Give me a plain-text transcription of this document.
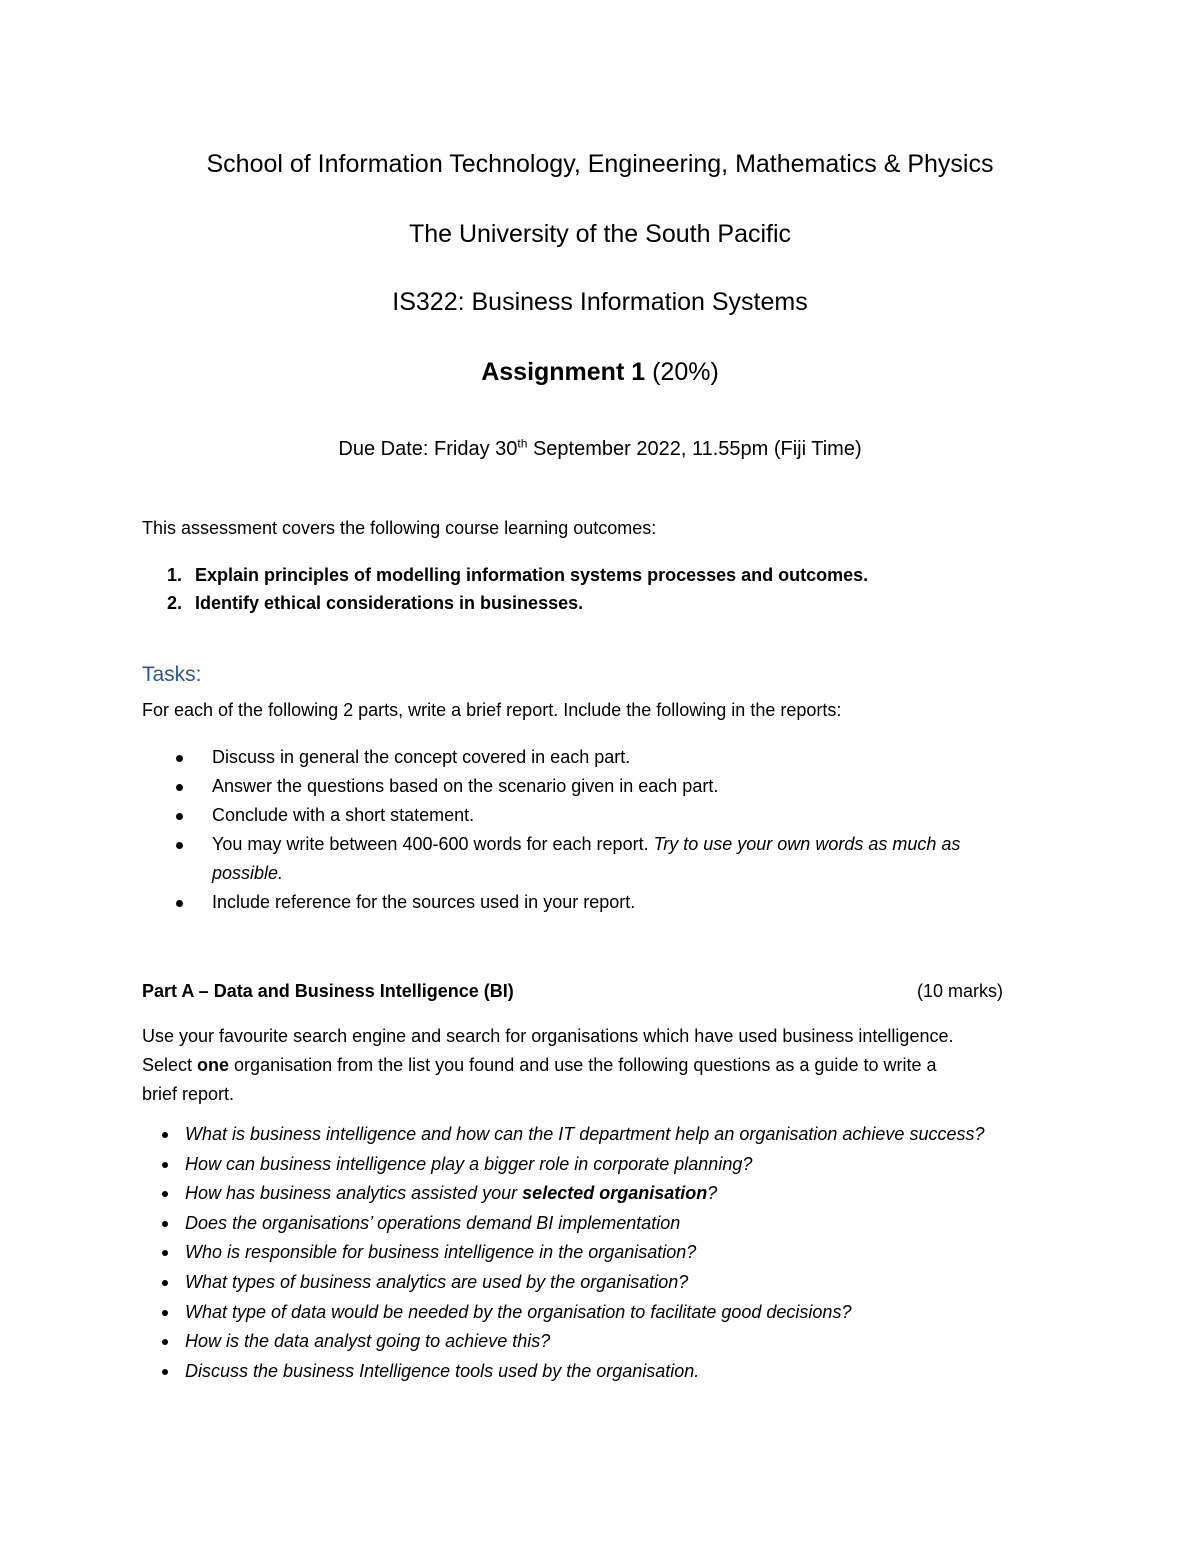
School of Information Technology, Engineering, Mathematics & Physics
The University of the South Pacific
IS322: Business Information Systems
Assignment 1 (20%)
Due Date: Friday 30th September 2022, 11.55pm (Fiji Time)
This assessment covers the following course learning outcomes:
1. Explain principles of modelling information systems processes and outcomes.
2. Identify ethical considerations in businesses.
Tasks:
For each of the following 2 parts, write a brief report. Include the following in the reports:
Discuss in general the concept covered in each part.
Answer the questions based on the scenario given in each part.
Conclude with a short statement.
You may write between 400-600 words for each report. Try to use your own words as much as
possible.
Include reference for the sources used in your report.
Part A – Data and Business Intelligence (BI)	(10 marks)
Use your favourite search engine and search for organisations which have used business intelligence.
Select one organisation from the list you found and use the following questions as a guide to write a
brief report.
What is business intelligence and how can the IT department help an organisation achieve success?
How can business intelligence play a bigger role in corporate planning?
How has business analytics assisted your selected organisation?
Does the organisations’ operations demand BI implementation
Who is responsible for business intelligence in the organisation?
What types of business analytics are used by the organisation?
What type of data would be needed by the organisation to facilitate good decisions?
How is the data analyst going to achieve this?
Discuss the business Intelligence tools used by the organisation.
